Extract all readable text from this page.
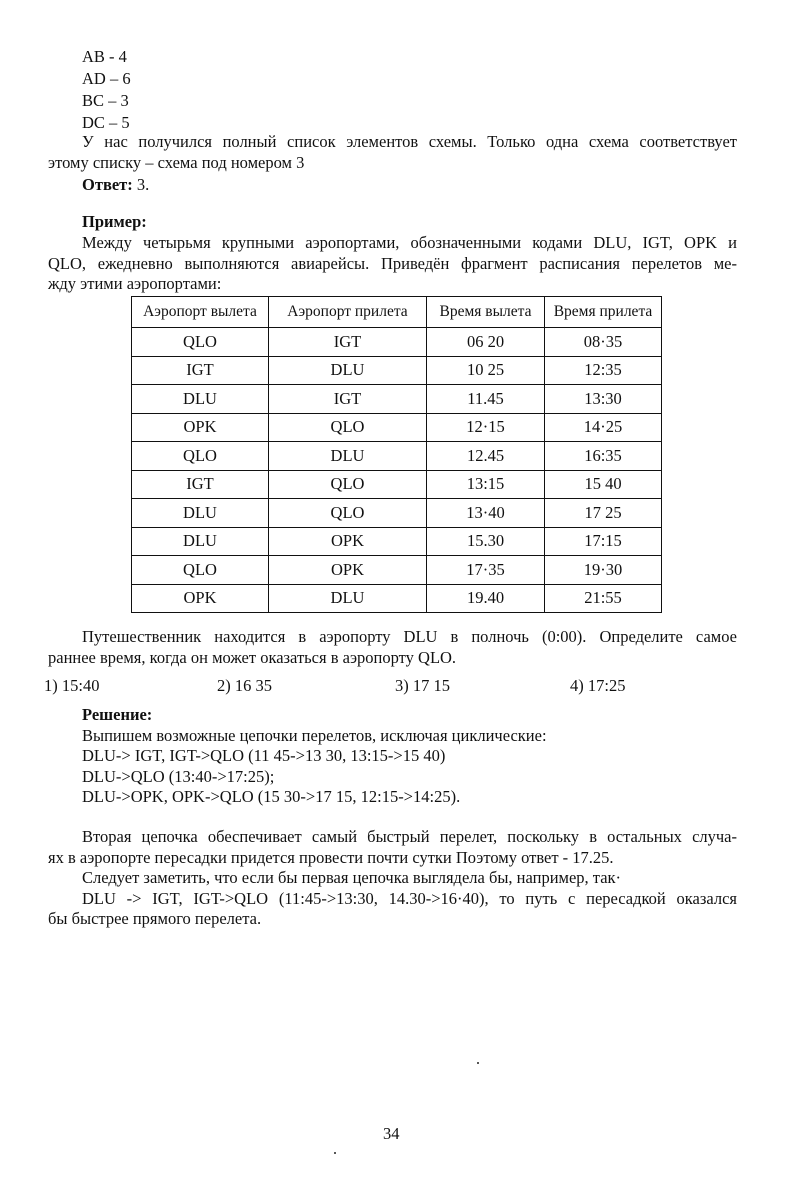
AB - 4
AD – 6
BC – 3
DC – 5
У нас получился полный список элементов схемы. Только одна схема соответствует
этому списку – схема под номером 3
Ответ: 3.
Пример:
Между четырьмя крупными аэропортами, обозначенными кодами DLU, IGT, OPK и
QLO, ежедневно выполняются авиарейсы. Приведён фрагмент расписания перелетов ме-
жду этими аэропортами:
Аэропорт вылета	Аэропорт прилета	Время вылета	Время прилета
QLO	IGT	06 20	08·35
IGT	DLU	10 25	12:35
DLU	IGT	11.45	13:30
OPK	QLO	12·15	14·25
QLO	DLU	12.45	16:35
IGT	QLO	13:15	15 40
DLU	QLO	13·40	17 25
DLU	OPK	15.30	17:15
QLO	OPK	17·35	19·30
OPK	DLU	19.40	21:55
Путешественник находится в аэропорту DLU в полночь (0:00). Определите самое
раннее время, когда он может оказаться в аэропорту QLO.
1) 15:40	2) 16 35	3) 17 15	4) 17:25
Решение:
Выпишем возможные цепочки перелетов, исключая циклические:
DLU-> IGT, IGT->QLO (11 45->13 30, 13:15->15 40)
DLU->QLO (13:40->17:25);
DLU->OPK, OPK->QLO (15 30->17 15, 12:15->14:25).
Вторая цепочка обеспечивает самый быстрый перелет, поскольку в остальных случа-
ях в аэропорте пересадки придется провести почти сутки Поэтому ответ - 17.25.
Следует заметить, что если бы первая цепочка выглядела бы, например, так·
DLU -> IGT, IGT->QLO (11:45->13:30, 14.30->16·40), то путь с пересадкой оказался
бы быстрее прямого перелета.
34
